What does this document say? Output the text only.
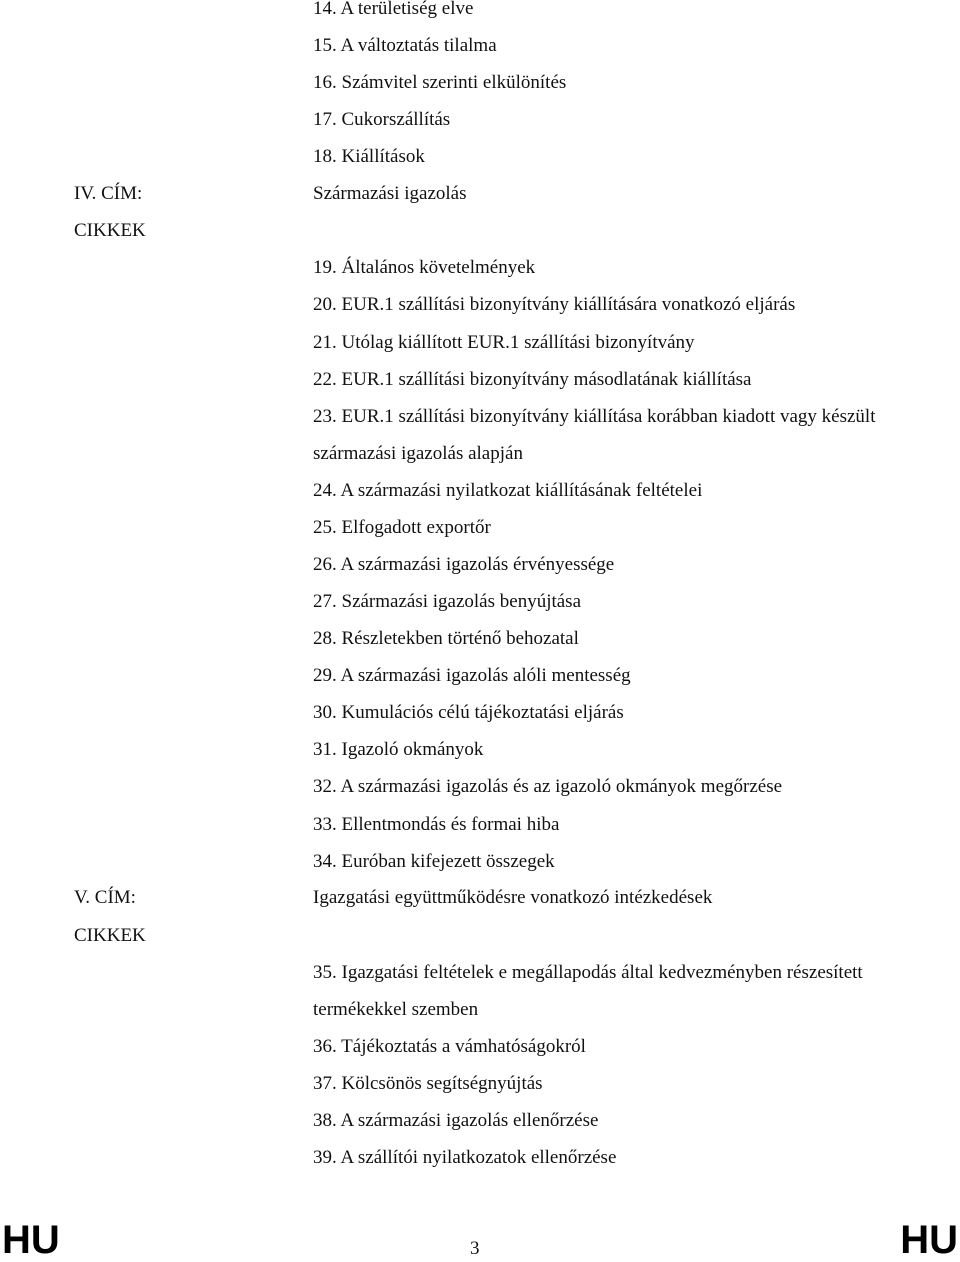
IV. CÍM:
CIKKEK
V. CÍM:
CIKKEK
14. A területiség elve
15. A változtatás tilalma
16. Számvitel szerinti elkülönítés
17. Cukorszállítás
18. Kiállítások
Származási igazolás
19. Általános követelmények
20. EUR.1 szállítási bizonyítvány kiállítására vonatkozó eljárás
21. Utólag kiállított EUR.1 szállítási bizonyítvány
22. EUR.1 szállítási bizonyítvány másodlatának kiállítása
23. EUR.1 szállítási bizonyítvány kiállítása korábban kiadott vagy készült
származási igazolás alapján
24. A származási nyilatkozat kiállításának feltételei
25. Elfogadott exportőr
26. A származási igazolás érvényessége
27. Származási igazolás benyújtása
28. Részletekben történő behozatal
29. A származási igazolás alóli mentesség
30. Kumulációs célú tájékoztatási eljárás
31. Igazoló okmányok
32. A származási igazolás és az igazoló okmányok megőrzése
33. Ellentmondás és formai hiba
34. Euróban kifejezett összegek
Igazgatási együttműködésre vonatkozó intézkedések
35. Igazgatási feltételek e megállapodás által kedvezményben részesített
termékekkel szemben
36. Tájékoztatás a vámhatóságokról
37. Kölcsönös segítségnyújtás
38. A származási igazolás ellenőrzése
39. A szállítói nyilatkozatok ellenőrzése
HU	3	HU
